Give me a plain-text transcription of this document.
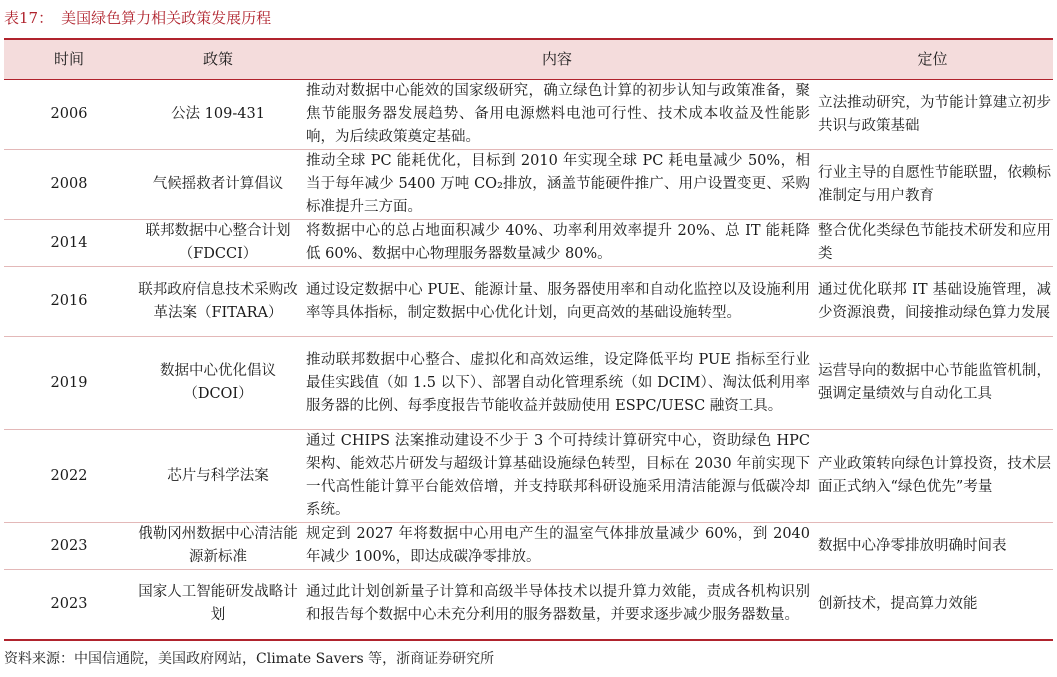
表17： 美国绿色算力相关政策发展历程
时间	政策	内容	定位
2006	公法 109-431	推动对数据中心能效的国家级研究，确立绿色计算的初步认知与政策准备，聚焦节能服务器发展趋势、备用电源燃料电池可行性、技术成本收益及性能影响，为后续政策奠定基础。	立法推动研究，为节能计算建立初步共识与政策基础
2008	气候摇救者计算倡议	推动全球 PC 能耗优化，目标到 2010 年实现全球 PC 耗电量减少 50%，相当于每年减少 5400 万吨 CO₂排放，涵盖节能硬件推广、用户设置变更、采购标准提升三方面。	行业主导的自愿性节能联盟，依赖标准制定与用户教育
2014	联邦数据中心整合计划（FDCCI）	将数据中心的总占地面积减少 40%、功率利用效率提升 20%、总 IT 能耗降低 60%、数据中心物理服务器数量减少 80%。	整合优化类绿色节能技术研发和应用类
2016	联邦政府信息技术采购改革法案（FITARA）	通过设定数据中心 PUE、能源计量、服务器使用率和自动化监控以及设施利用率等具体指标，制定数据中心优化计划，向更高效的基础设施转型。	通过优化联邦 IT 基础设施管理，减少资源浪费，间接推动绿色算力发展
2019	数据中心优化倡议（DCOI）	推动联邦数据中心整合、虚拟化和高效运维，设定降低平均 PUE 指标至行业最佳实践值（如 1.5 以下）、部署自动化管理系统（如 DCIM）、淘汰低利用率服务器的比例、每季度报告节能收益并鼓励使用 ESPC/UESC 融资工具。	运营导向的数据中心节能监管机制，强调定量绩效与自动化工具
2022	芯片与科学法案	通过 CHIPS 法案推动建设不少于 3 个可持续计算研究中心，资助绿色 HPC 架构、能效芯片研发与超级计算基础设施绿色转型，目标在 2030 年前实现下一代高性能计算平台能效倍增，并支持联邦科研设施采用清洁能源与低碳冷却系统。	产业政策转向绿色计算投资，技术层面正式纳入“绿色优先”考量
2023	俄勒冈州数据中心清洁能源新标准	规定到 2027 年将数据中心用电产生的温室气体排放量减少 60%，到 2040 年减少 100%，即达成碳净零排放。	数据中心净零排放明确时间表
2023	国家人工智能研发战略计划	通过此计划创新量子计算和高级半导体技术以提升算力效能，责成各机构识别和报告每个数据中心未充分利用的服务器数量，并要求逐步减少服务器数量。	创新技术，提高算力效能
资料来源：中国信通院，美国政府网站，Climate Savers 等，浙商证券研究所
